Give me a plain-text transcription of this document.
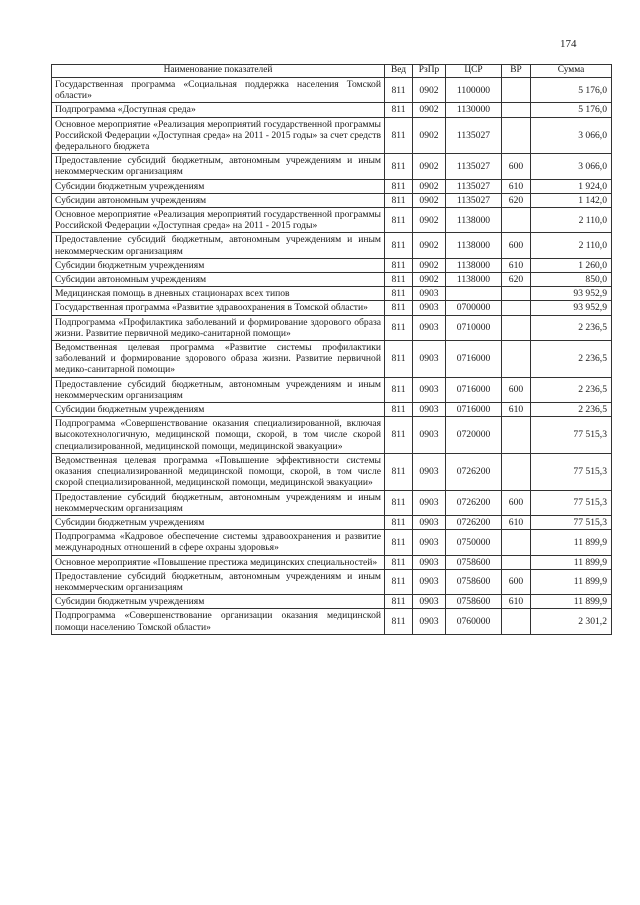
174
Наименование показателей	Вед	РзПр	ЦСР	ВР	Сумма
Государственная программа «Социальная поддержка населения Томской области»	811	0902	1100000		5 176,0
Подпрограмма «Доступная среда»	811	0902	1130000		5 176,0
Основное мероприятие «Реализация мероприятий государственной программы Российской Федерации «Доступная среда» на 2011 - 2015 годы» за счет средств федерального бюджета	811	0902	1135027		3 066,0
Предоставление субсидий бюджетным, автономным учреждениям и иным некоммерческим организациям	811	0902	1135027	600	3 066,0
Субсидии бюджетным учреждениям	811	0902	1135027	610	1 924,0
Субсидии автономным учреждениям	811	0902	1135027	620	1 142,0
Основное мероприятие «Реализация мероприятий государственной программы Российской Федерации «Доступная среда» на 2011 - 2015 годы»	811	0902	1138000		2 110,0
Предоставление субсидий бюджетным, автономным учреждениям и иным некоммерческим организациям	811	0902	1138000	600	2 110,0
Субсидии бюджетным учреждениям	811	0902	1138000	610	1 260,0
Субсидии автономным учреждениям	811	0902	1138000	620	850,0
Медицинская помощь в дневных стационарах всех типов	811	0903			93 952,9
Государственная программа «Развитие здравоохранения в Томской области»	811	0903	0700000		93 952,9
Подпрограмма «Профилактика заболеваний и формирование здорового образа жизни. Развитие первичной медико-санитарной помощи»	811	0903	0710000		2 236,5
Ведомственная целевая программа «Развитие системы профилактики заболеваний и формирование здорового образа жизни. Развитие первичной медико-санитарной помощи»	811	0903	0716000		2 236,5
Предоставление субсидий бюджетным, автономным учреждениям и иным некоммерческим организациям	811	0903	0716000	600	2 236,5
Субсидии бюджетным учреждениям	811	0903	0716000	610	2 236,5
Подпрограмма «Совершенствование оказания специализированной, включая высокотехнологичную, медицинской помощи, скорой, в том числе скорой специализированной, медицинской помощи, медицинской эвакуации»	811	0903	0720000		77 515,3
Ведомственная целевая программа «Повышение эффективности системы оказания специализированной медицинской помощи, скорой, в том числе скорой специализированной, медицинской помощи, медицинской эвакуации»	811	0903	0726200		77 515,3
Предоставление субсидий бюджетным, автономным учреждениям и иным некоммерческим организациям	811	0903	0726200	600	77 515,3
Субсидии бюджетным учреждениям	811	0903	0726200	610	77 515,3
Подпрограмма «Кадровое обеспечение системы здравоохранения и развитие международных отношений в сфере охраны здоровья»	811	0903	0750000		11 899,9
Основное мероприятие «Повышение престижа медицинских специальностей»	811	0903	0758600		11 899,9
Предоставление субсидий бюджетным, автономным учреждениям и иным некоммерческим организациям	811	0903	0758600	600	11 899,9
Субсидии бюджетным учреждениям	811	0903	0758600	610	11 899,9
Подпрограмма «Совершенствование организации оказания медицинской помощи населению Томской области»	811	0903	0760000		2 301,2
